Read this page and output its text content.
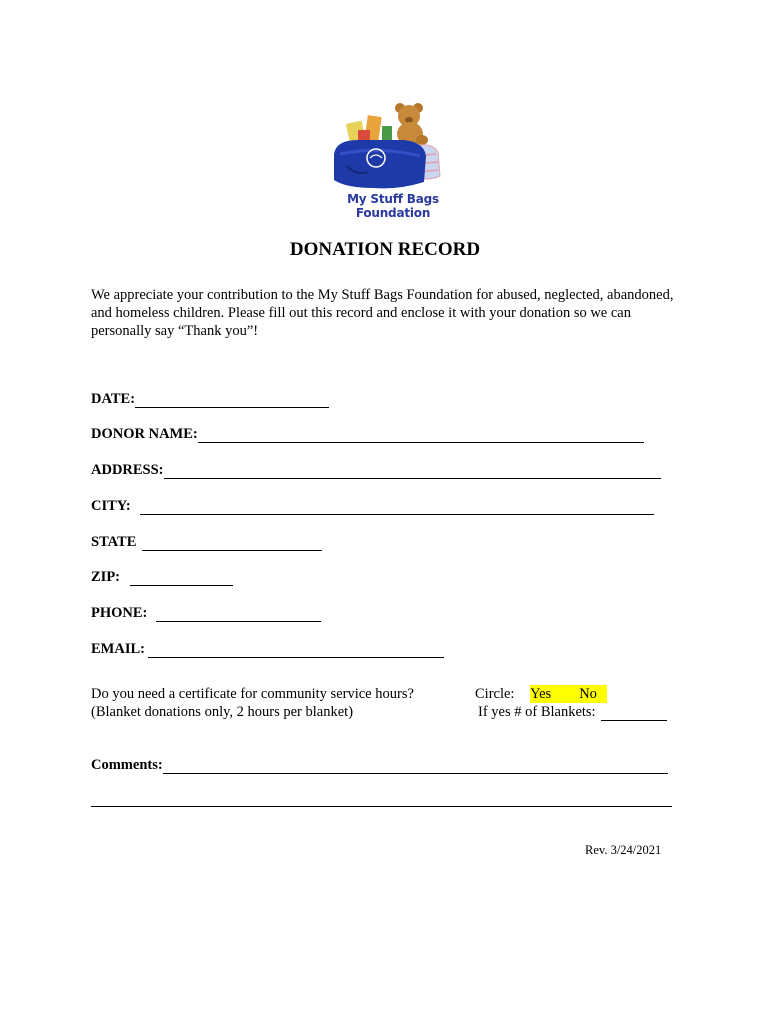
My Stuff Bags Foundation
DONATION RECORD
We appreciate your contribution to the My Stuff Bags Foundation for abused, neglected, abandoned, and homeless children. Please fill out this record and enclose it with your donation so we can personally say “Thank you”!
DATE:
DONOR NAME:
ADDRESS:
CITY:
STATE
ZIP:
PHONE:
EMAIL:
Do you need a certificate for community service hours?
(Blanket donations only, 2 hours per blanket)
Circle: Yes No
If yes # of Blankets:
Comments:
Rev. 3/24/2021
